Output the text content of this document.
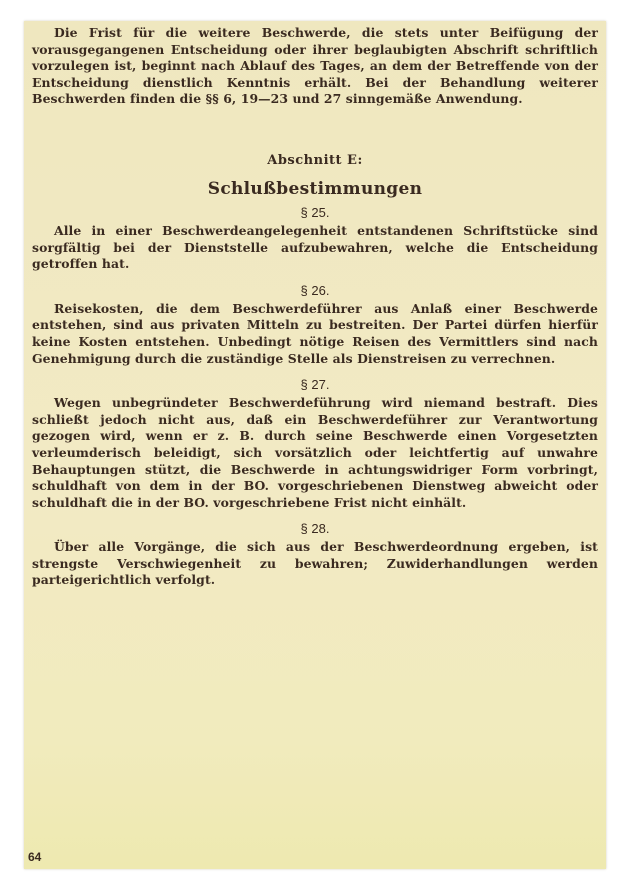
Die Frist für die weitere Beschwerde, die stets unter Beifügung der vorausgegangenen Entscheidung oder ihrer beglaubigten Abschrift schriftlich vorzulegen ist, beginnt nach Ablauf des Tages, an dem der Betreffende von der Entscheidung dienstlich Kenntnis erhält. Bei der Behandlung weiterer Beschwerden finden die §§ 6, 19—23 und 27 sinngemäße Anwendung.

Abschnitt E:
Schlußbestimmungen
§ 25.

Alle in einer Beschwerdeangelegenheit entstandenen Schriftstücke sind sorgfältig bei der Dienststelle aufzubewahren, welche die Entscheidung getroffen hat.

§ 26.

Reisekosten, die dem Beschwerdeführer aus Anlaß einer Beschwerde entstehen, sind aus privaten Mitteln zu bestreiten. Der Partei dürfen hierfür keine Kosten entstehen. Unbedingt nötige Reisen des Vermittlers sind nach Genehmigung durch die zuständige Stelle als Dienstreisen zu verrechnen.

§ 27.

Wegen unbegründeter Beschwerdeführung wird niemand bestraft. Dies schließt jedoch nicht aus, daß ein Beschwerdeführer zur Verantwortung gezogen wird, wenn er z. B. durch seine Beschwerde einen Vorgesetzten verleumderisch beleidigt, sich vorsätzlich oder leichtfertig auf unwahre Behauptungen stützt, die Beschwerde in achtungswidriger Form vorbringt, schuldhaft von dem in der BO. vorgeschriebenen Dienstweg abweicht oder schuldhaft die in der BO. vorgeschriebene Frist nicht einhält.

§ 28.

Über alle Vorgänge, die sich aus der Beschwerdeordnung ergeben, ist strengste Verschwiegenheit zu bewahren; Zuwiderhandlungen werden parteigerichtlich verfolgt.

64
